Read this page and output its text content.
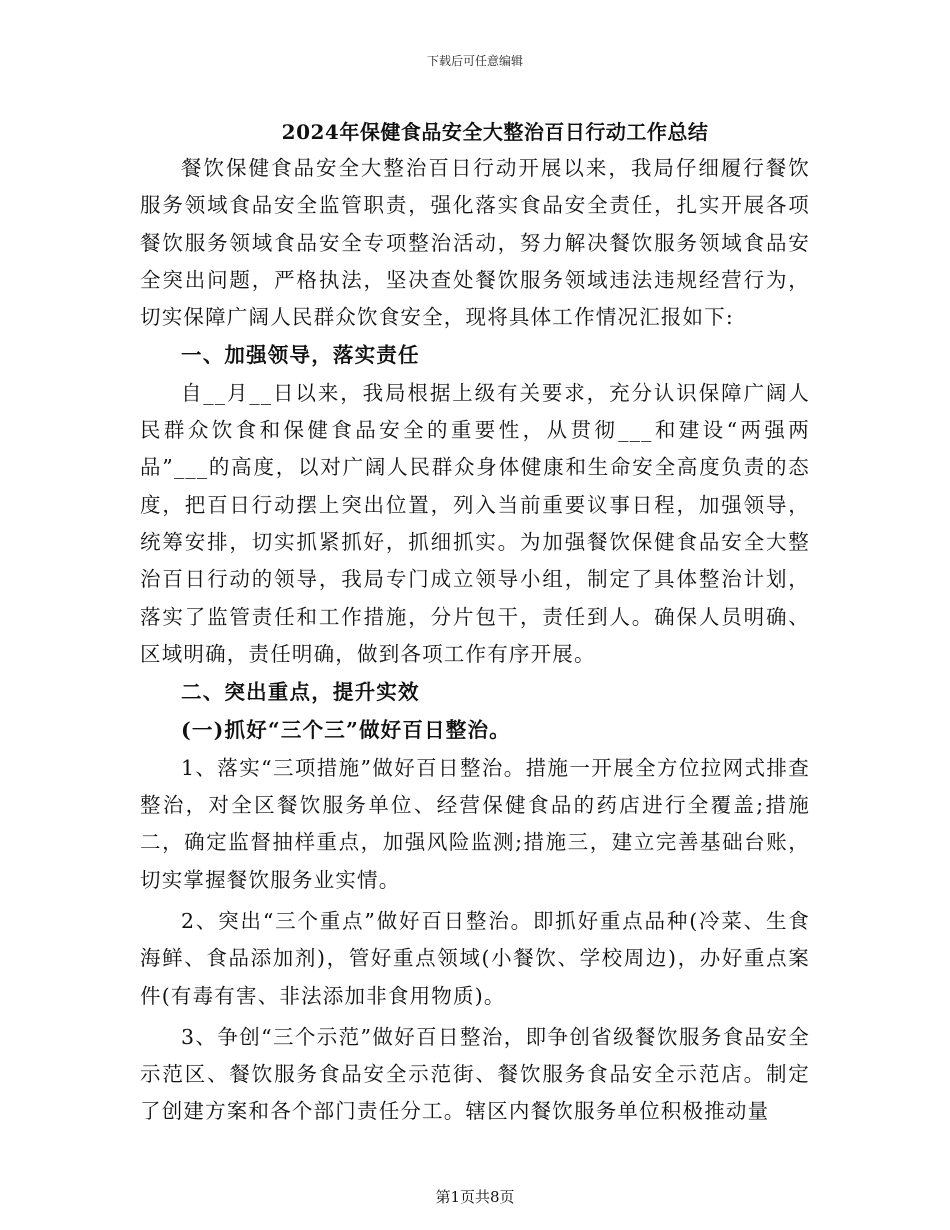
下载后可任意编辑
2024年保健食品安全大整治百日行动工作总结

餐饮保健食品安全大整治百日行动开展以来，我局仔细履行餐饮服务领域食品安全监管职责，强化落实食品安全责任，扎实开展各项餐饮服务领域食品安全专项整治活动，努力解决餐饮服务领域食品安全突出问题，严格执法，坚决查处餐饮服务领域违法违规经营行为，切实保障广阔人民群众饮食安全，现将具体工作情况汇报如下:

一、加强领导，落实责任

自__月__日以来，我局根据上级有关要求，充分认识保障广阔人民群众饮食和保健食品安全的重要性，从贯彻___和建设“两强两品”___的高度，以对广阔人民群众身体健康和生命安全高度负责的态度，把百日行动摆上突出位置，列入当前重要议事日程，加强领导，统筹安排，切实抓紧抓好，抓细抓实。为加强餐饮保健食品安全大整治百日行动的领导，我局专门成立领导小组，制定了具体整治计划，落实了监管责任和工作措施，分片包干，责任到人。确保人员明确、区域明确，责任明确，做到各项工作有序开展。

二、突出重点，提升实效

(一)抓好“三个三”做好百日整治。

1、落实“三项措施”做好百日整治。措施一开展全方位拉网式排查整治，对全区餐饮服务单位、经营保健食品的药店进行全覆盖;措施二，确定监督抽样重点，加强风险监测;措施三，建立完善基础台账，切实掌握餐饮服务业实情。

2、突出“三个重点”做好百日整治。即抓好重点品种(冷菜、生食海鲜、食品添加剂)，管好重点领域(小餐饮、学校周边)，办好重点案件(有毒有害、非法添加非食用物质)。

3、争创“三个示范”做好百日整治，即争创省级餐饮服务食品安全示范区、餐饮服务食品安全示范街、餐饮服务食品安全示范店。制定了创建方案和各个部门责任分工。辖区内餐饮服务单位积极推动量

第1页共8页
